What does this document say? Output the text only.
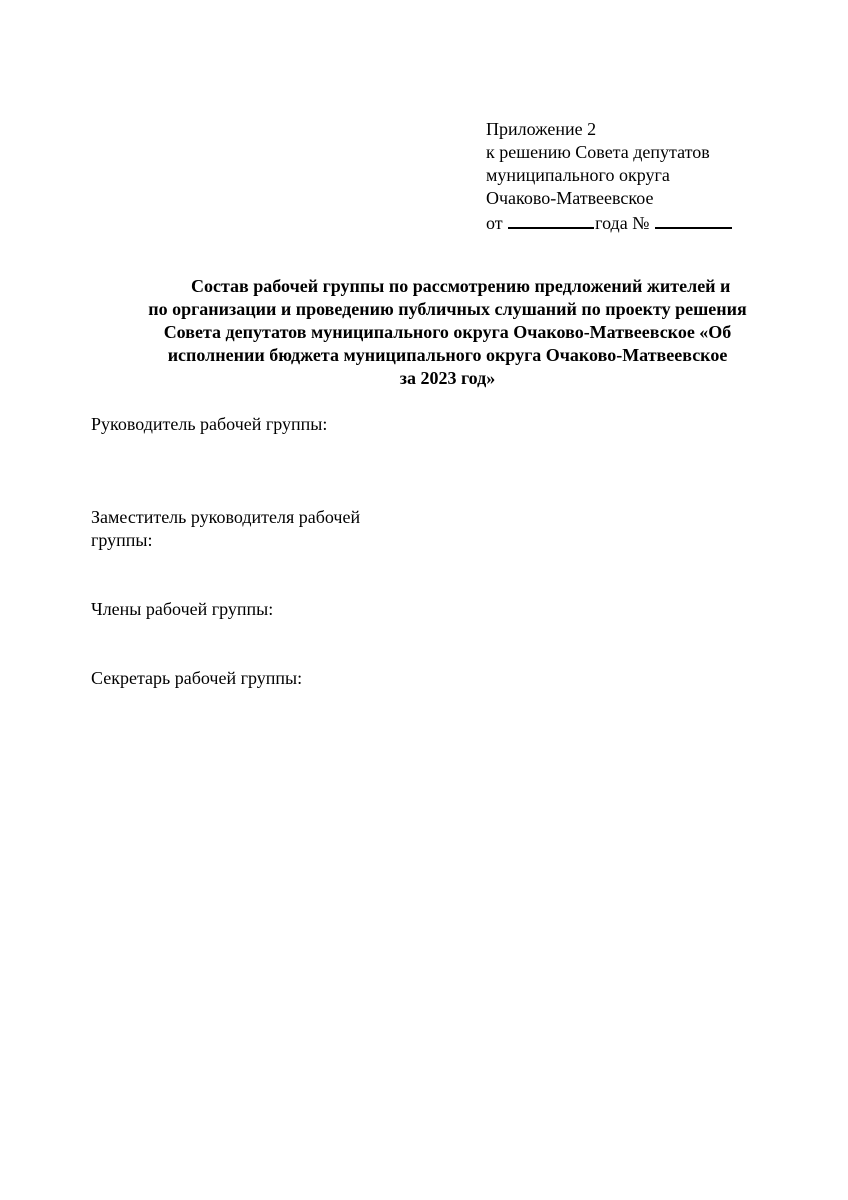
Приложение 2
к решению Совета депутатов
муниципального округа
Очаково-Матвеевское
от	года №
Состав рабочей группы по рассмотрению предложений жителей и
по организации и проведению публичных слушаний по проекту решения
Совета депутатов муниципального округа Очаково-Матвеевское «Об
исполнении бюджета муниципального округа Очаково-Матвеевское
за 2023 год»
Руководитель рабочей группы:
Заместитель руководителя рабочей группы:
Члены рабочей группы:
Секретарь рабочей группы:
